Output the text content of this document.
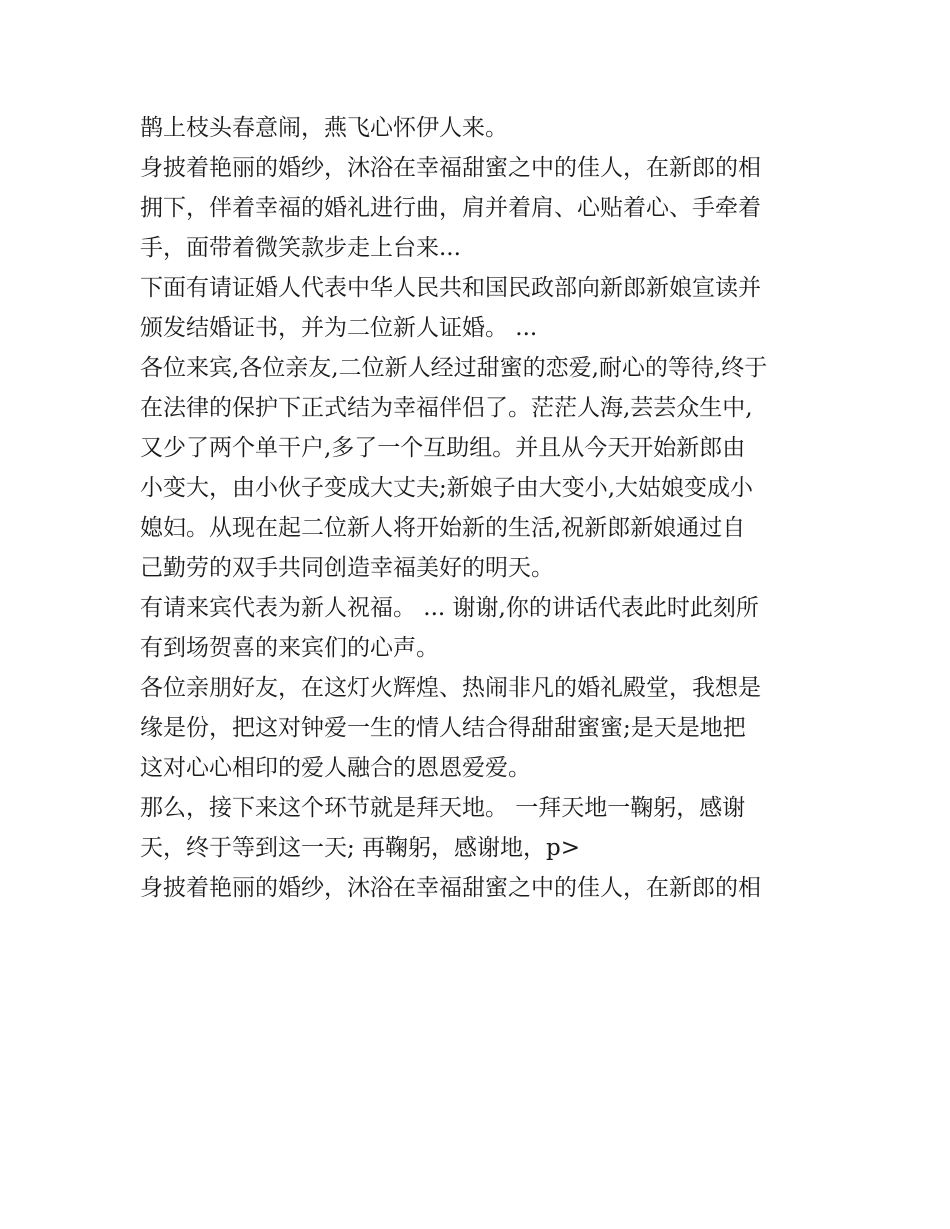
鹊上枝头春意闹，燕飞心怀伊人来。

身披着艳丽的婚纱，沐浴在幸福甜蜜之中的佳人，在新郎的相
拥下，伴着幸福的婚礼进行曲，肩并着肩、心贴着心、手牵着
手，面带着微笑款步走上台来...

下面有请证婚人代表中华人民共和国民政部向新郎新娘宣读并
颁发结婚证书，并为二位新人证婚。 ...

各位来宾,各位亲友,二位新人经过甜蜜的恋爱,耐心的等待,终于
在法律的保护下正式结为幸福伴侣了。茫茫人海,芸芸众生中,
又少了两个单干户,多了一个互助组。并且从今天开始新郎由
小变大，由小伙子变成大丈夫;新娘子由大变小,大姑娘变成小
媳妇。从现在起二位新人将开始新的生活,祝新郎新娘通过自
己勤劳的双手共同创造幸福美好的明天。

有请来宾代表为新人祝福。 ... 谢谢,你的讲话代表此时此刻所
有到场贺喜的来宾们的心声。

各位亲朋好友，在这灯火辉煌、热闹非凡的婚礼殿堂，我想是
缘是份，把这对钟爱一生的情人结合得甜甜蜜蜜;是天是地把
这对心心相印的爱人融合的恩恩爱爱。

那么，接下来这个环节就是拜天地。 一拜天地一鞠躬，感谢
天，终于等到这一天; 再鞠躬，感谢地，p>

身披着艳丽的婚纱，沐浴在幸福甜蜜之中的佳人，在新郎的相
